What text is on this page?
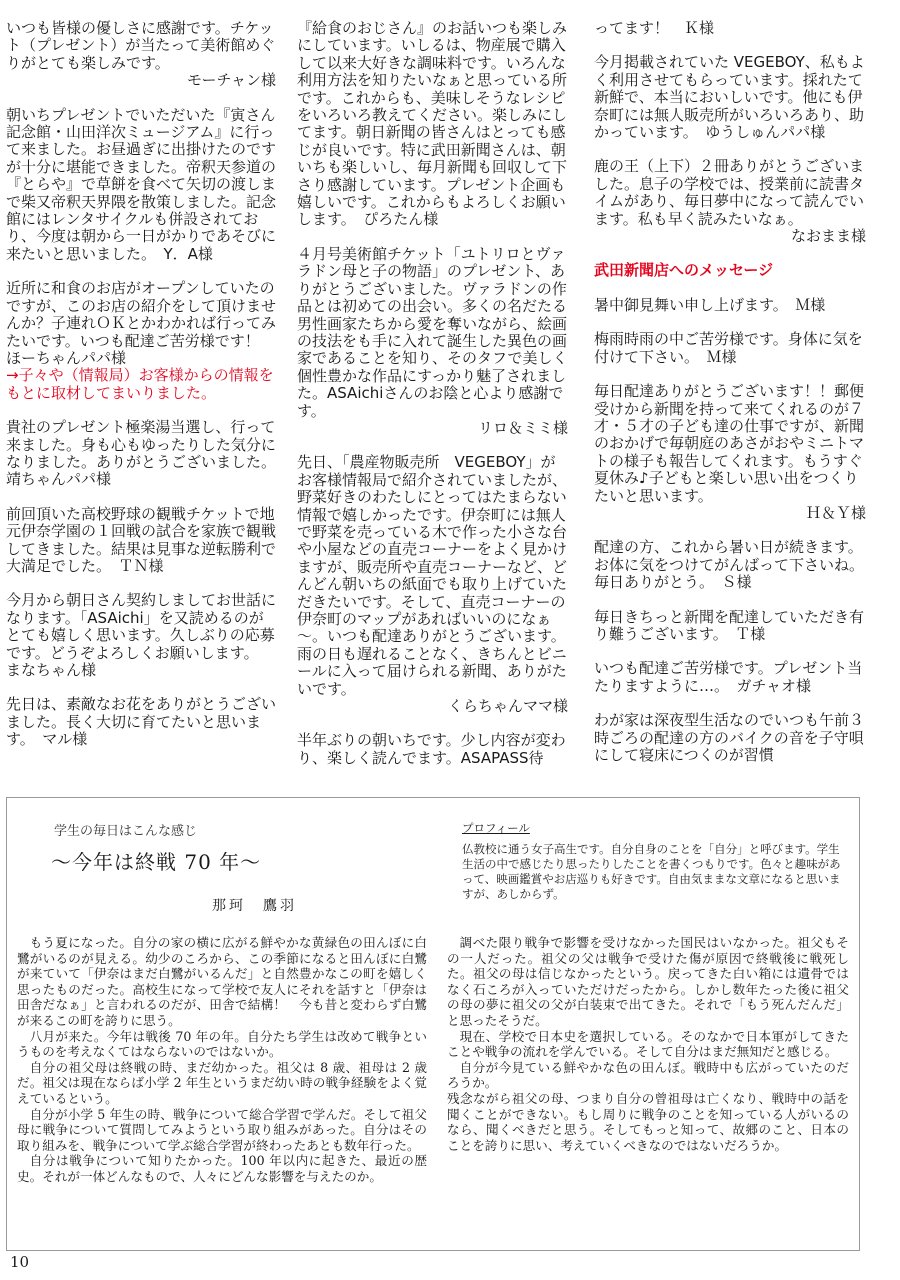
いつも皆様の優しさに感謝です。チケット（プレゼント）が当たって美術館めぐりがとても楽しみです。
モーチャン様
朝いちプレゼントでいただいた『寅さん記念館・山田洋次ミュージアム』に行って来ました。お昼過ぎに出掛けたのですが十分に堪能できました。帝釈天参道の『とらや』で草餅を食べて矢切の渡しまで柴又帝釈天界隈を散策しました。記念館にはレンタサイクルも併設されており、今度は朝から一日がかりであそびに来たいと思いました。　Y．A様
近所に和食のお店がオープンしていたのですが、このお店の紹介をして頂けませんか？子連れＯＫとかわかれば行ってみたいです。いつも配達ご苦労様です！　ほーちゃんパパ様
→子々や（情報局）お客様からの情報をもとに取材してまいりました。
貴社のプレゼント極楽湯当選し、行って来ました。身も心もゆったりした気分になりました。ありがとうございました。　靖ちゃんパパ様
前回頂いた高校野球の観戦チケットで地元伊奈学園の１回戦の試合を家族で観戦してきました。結果は見事な逆転勝利で大満足でした。　ＴＮ様
今月から朝日さん契約しましてお世話になります。「ASAichi」を又読めるのがとても嬉しく思います。久しぶりの応募です。どうぞよろしくお願いします。　まなちゃん様
先日は、素敵なお花をありがとうございました。長く大切に育てたいと思います。　マル様
『給食のおじさん』のお話いつも楽しみにしています。いしるは、物産展で購入して以来大好きな調味料です。いろんな利用方法を知りたいなぁと思っている所です。これからも、美味しそうなレシピをいろいろ教えてください。楽しみにしてます。朝日新聞の皆さんはとっても感じが良いです。特に武田新聞さんは、朝いちも楽しいし、毎月新聞も回収して下さり感謝しています。プレゼント企画も嬉しいです。これからもよろしくお願いします。　ぴろたん様
４月号美術館チケット「ユトリロとヴァラドン母と子の物語」のプレゼント、ありがとうございました。ヴァラドンの作品とは初めての出会い。多くの名だたる男性画家たちから愛を奪いながら、絵画の技法をも手に入れて誕生した異色の画家であることを知り、そのタフで美しく個性豊かな作品にすっかり魅了されました。ASAichiさんのお陰と心より感謝です。
リロ＆ミミ様
先日、「農産物販売所　VEGEBOY」がお客様情報局で紹介されていましたが、野菜好きのわたしにとってはたまらない情報で嬉しかったです。伊奈町には無人で野菜を売っている木で作った小さな台や小屋などの直売コーナーをよく見かけますが、販売所や直売コーナーなど、どんどん朝いちの紙面でも取り上げていただきたいです。そして、直売コーナーの伊奈町のマップがあればいいのになぁ～。いつも配達ありがとうございます。雨の日も遅れることなく、きちんとビニールに入って届けられる新聞、ありがたいです。
くらちゃんママ様
半年ぶりの朝いちです。少し内容が変わり、楽しく読んでます。ASAPASS待
ってます！　Ｋ様
今月掲載されていた VEGEBOY、私もよく利用させてもらっています。採れたて新鮮で、本当においしいです。他にも伊奈町には無人販売所がいろいろあり、助かっています。　ゆうしゅんパパ様
鹿の王（上下）２冊ありがとうございました。息子の学校では、授業前に読書タイムがあり、毎日夢中になって読んでいます。私も早く読みたいなぁ。
なおまま様
武田新聞店へのメッセージ
暑中御見舞い申し上げます。　Ｍ様
梅雨時雨の中ご苦労様です。身体に気を付けて下さい。　Ｍ様
毎日配達ありがとうございます！！郵便受けから新聞を持って来てくれるのが７才・５才の子ども達の仕事ですが、新聞のおかげで毎朝庭のあさがおやミニトマトの様子も報告してくれます。もうすぐ夏休み♪子どもと楽しい思い出をつくりたいと思います。
Ｈ＆Ｙ様
配達の方、これから暑い日が続きます。お体に気をつけてがんばって下さいね。毎日ありがとう。　Ｓ様
毎日きちっと新聞を配達していただき有り難うございます。　Ｔ様
いつも配達ご苦労様です。プレゼント当たりますように…。　ガチャオ様
わが家は深夜型生活なのでいつも午前３時ごろの配達の方のバイクの音を子守唄にして寝床につくのが習慣
学生の毎日はこんな感じ
〜今年は終戦 70 年〜
那珂　鷹羽
プロフィール
仏教校に通う女子高生です。自分自身のことを「自分」と呼びます。学生生活の中で感じたり思ったりしたことを書くつもりです。色々と趣味があって、映画鑑賞やお店巡りも好きです。自由気ままな文章になると思いますが、あしからず。

もう夏になった。自分の家の横に広がる鮮やかな黄緑色の田んぼに白鷺がいるのが見える。幼少のころから、この季節になると田んぼに白鷺が来ていて「伊奈はまだ白鷺がいるんだ」と自然豊かなこの町を嬉しく思ったものだった。高校生になって学校で友人にそれを話すと「伊奈は田舎だなぁ」と言われるのだが、田舎で結構！　今も昔と変わらず白鷺が来るこの町を誇りに思う。

八月が来た。今年は戦後 70 年の年。自分たち学生は改めて戦争というものを考えなくてはならないのではないか。

自分の祖父母は終戦の時、まだ幼かった。祖父は 8 歳、祖母は 2 歳だ。祖父は現在ならば小学 2 年生というまだ幼い時の戦争経験をよく覚えているという。

自分が小学 5 年生の時、戦争について総合学習で学んだ。そして祖父母に戦争について質問してみようという取り組みがあった。自分はその取り組みを、戦争について学ぶ総合学習が終わったあとも数年行った。

自分は戦争について知りたかった。100 年以内に起きた、最近の歴史。それが一体どんなもので、人々にどんな影響を与えたのか。

調べた限り戦争で影響を受けなかった国民はいなかった。祖父もその一人だった。祖父の父は戦争で受けた傷が原因で終戦後に戦死した。祖父の母は信じなかったという。戻ってきた白い箱には遺骨ではなく石ころが入っていただけだったから。しかし数年たった後に祖父の母の夢に祖父の父が白装束で出てきた。それで「もう死んだんだ」と思ったそうだ。

現在、学校で日本史を選択している。そのなかで日本軍がしてきたことや戦争の流れを学んでいる。そして自分はまだ無知だと感じる。

自分が今見ている鮮やかな色の田んぼ。戦時中も広がっていたのだろうか。

残念ながら祖父の母、つまり自分の曾祖母は亡くなり、戦時中の話を聞くことができない。もし周りに戦争のことを知っている人がいるのなら、聞くべきだと思う。そしてもっと知って、故郷のこと、日本のことを誇りに思い、考えていくべきなのではないだろうか。

10
